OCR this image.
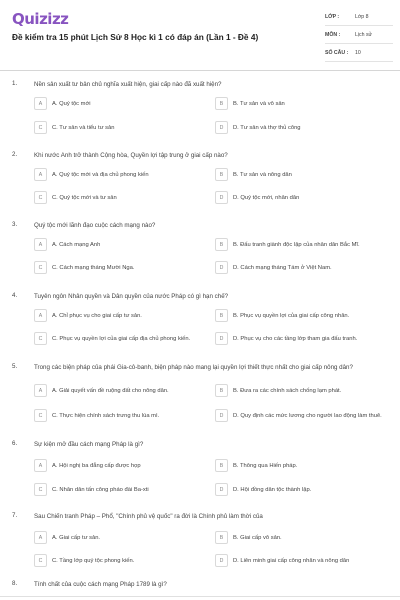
Quizizz
Đề kiểm tra 15 phút Lịch Sử 8 Học kì 1 có đáp án (Lần 1 - Đề 4)
LỚP :	Lớp 8
MÔN :	Lịch sử
SỐ CÂU :	10
1.	Nền sản xuất tư bản chủ nghĩa xuất hiện, giai cấp nào đã xuất hiện?
A	A. Quý tộc mới	B	B. Tư sản và vô sản
C	C. Tư sản và tiểu tư sản	D	D. Tư sản và thợ thủ công
2.	Khi nước Anh trở thành Cộng hòa, Quyền lợi tập trung ở giai cấp nào?
A	A. Quý tộc mới và địa chủ phong kiến	B	B. Tư sản và nông dân
C	C. Quý tộc mới và tư sản	D	D. Quý tộc mới, nhân dân
3.	Quý tộc mới lãnh đạo cuộc cách mạng nào?
A	A. Cách mạng Anh	B	B. Đấu tranh giành độc lập của nhân dân Bắc Mĩ.
C	C. Cách mạng tháng Mười Nga.	D	D. Cách mạng tháng Tám ở Việt Nam.
4.	Tuyên ngôn Nhân quyền và Dân quyền của nước Pháp có gì hạn chế?
A	A. Chỉ phục vụ cho giai cấp tư sản.	B	B. Phục vụ quyền lợi của giai cấp công nhân.
C	C. Phục vụ quyền lợi của giai cấp địa chủ phong kiến.	D	D. Phục vụ cho các tầng lớp tham gia đấu tranh.
5.	Trong các biện pháp của phái Gia-cô-banh, biện pháp nào mang lại quyền lợi thiết thực nhất cho giai cấp nông dân?
A	A. Giải quyết vấn đề ruộng đất cho nông dân.	B	B. Đưa ra các chính sách chống lạm phát.
C	C. Thực hiện chính sách trưng thu lúa mì.	D	D. Quy định các mức lương cho người lao động làm thuê.
6.	Sự kiện mở đầu cách mạng Pháp là gì?
A	A. Hội nghị ba đẳng cấp được họp	B	B. Thông qua Hiến pháp.
C	C. Nhân dân tấn công pháo đài Ba-xti	D	D. Hội đồng dân tộc thành lập.
7.	Sau Chiến tranh Pháp – Phổ, "Chính phủ vệ quốc" ra đời là Chính phủ làm thời của
A	A. Giai cấp tư sản.	B	B. Giai cấp vô sản.
C	C. Tầng lớp quý tộc phong kiến.	D	D. Liên minh giai cấp công nhân và nông dân
8.	Tính chất của cuộc cách mạng Pháp 1789 là gì?
